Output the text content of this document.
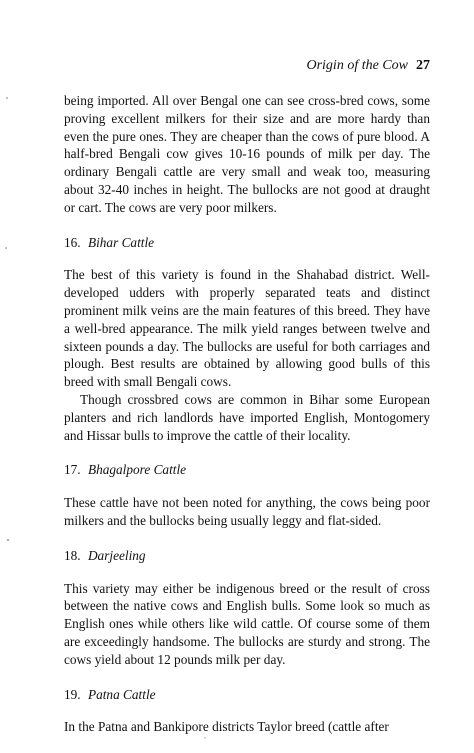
Origin of the Cow 27

being imported. All over Bengal one can see cross-bred cows, some proving excellent milkers for their size and are more hardy than even the pure ones. They are cheaper than the cows of pure blood. A half-bred Bengali cow gives 10-16 pounds of milk per day. The ordinary Bengali cattle are very small and weak too, measuring about 32-40 inches in height. The bullocks are not good at draught or cart. The cows are very poor milkers.

16. Bihar Cattle

The best of this variety is found in the Shahabad district. Well-developed udders with properly separated teats and distinct prominent milk veins are the main features of this breed. They have a well-bred appearance. The milk yield ranges between twelve and sixteen pounds a day. The bullocks are useful for both carriages and plough. Best results are obtained by allowing good bulls of this breed with small Bengali cows.

Though crossbred cows are common in Bihar some European planters and rich landlords have imported English, Montogomery and Hissar bulls to improve the cattle of their locality.

17. Bhagalpore Cattle

These cattle have not been noted for anything, the cows being poor milkers and the bullocks being usually leggy and flat-sided.

18. Darjeeling

This variety may either be indigenous breed or the result of cross between the native cows and English bulls. Some look so much as English ones while others like wild cattle. Of course some of them are exceedingly handsome. The bullocks are sturdy and strong. The cows yield about 12 pounds milk per day.

19. Patna Cattle

In the Patna and Bankipore districts Taylor breed (cattle after
